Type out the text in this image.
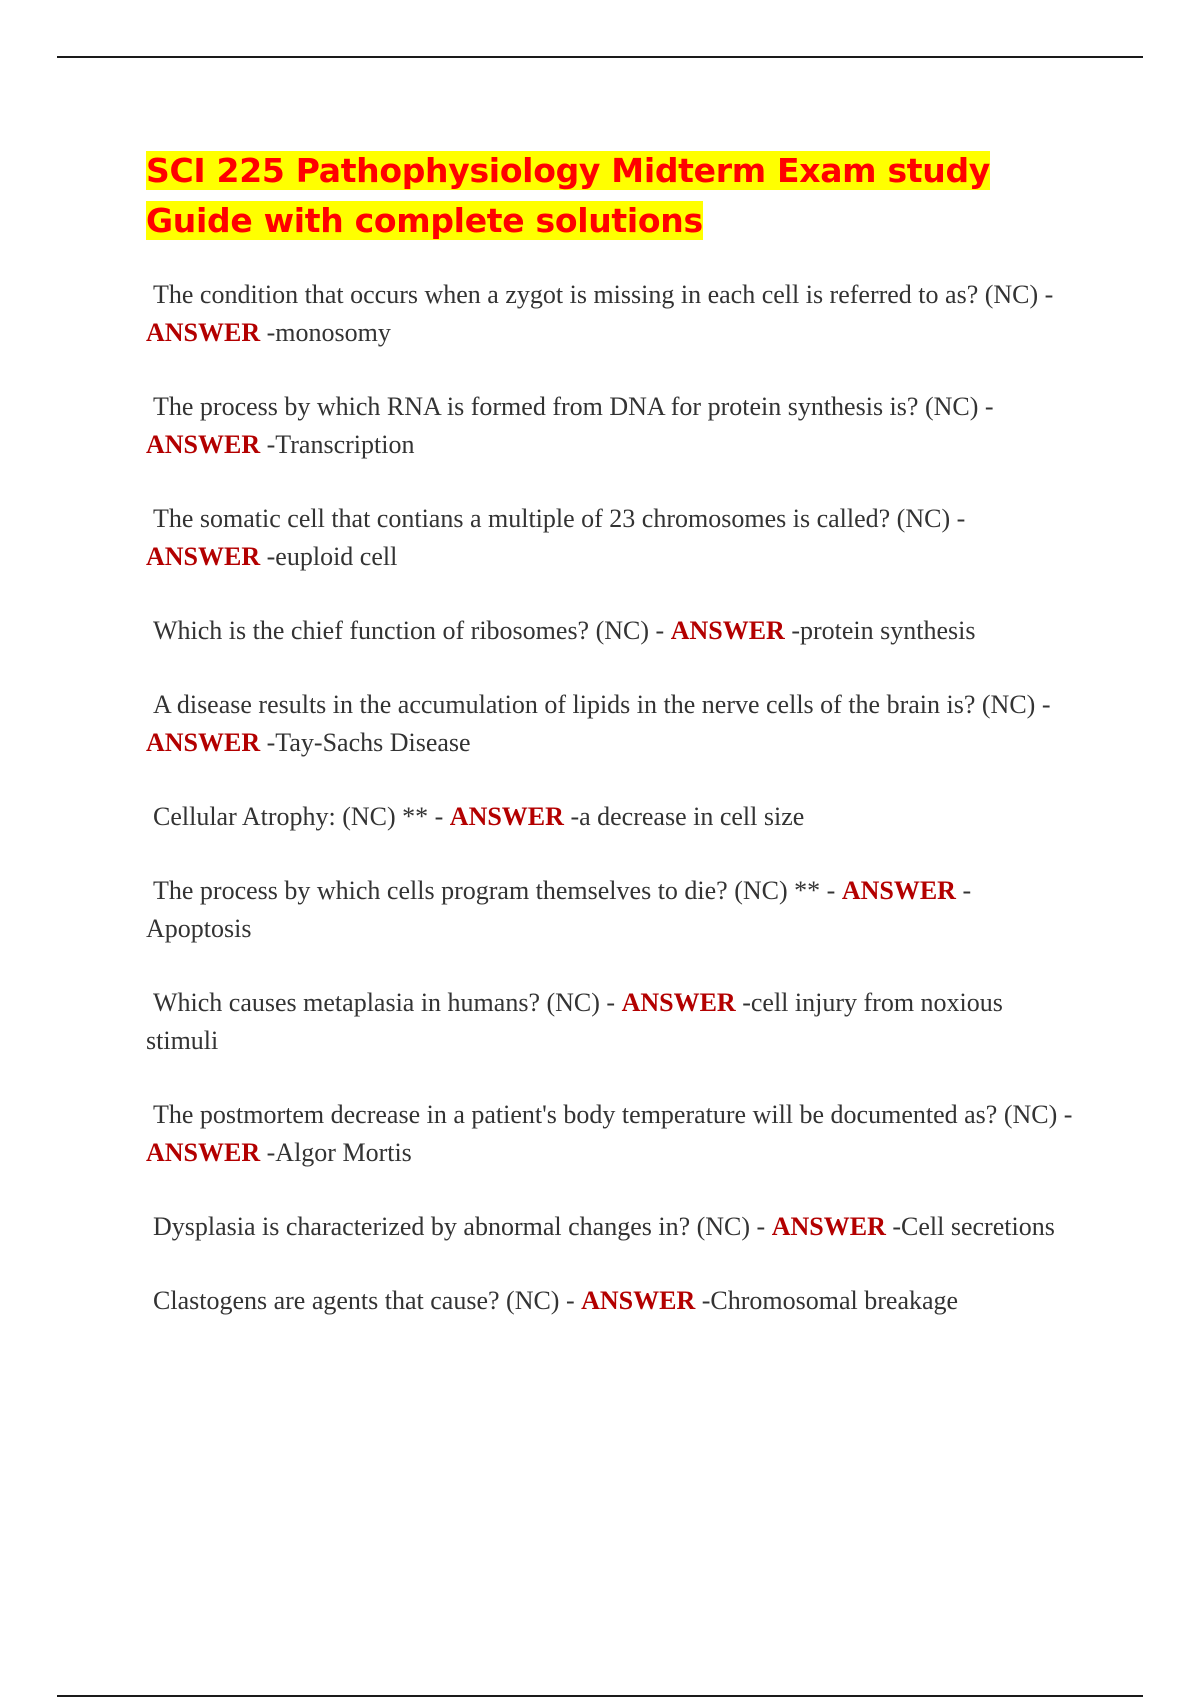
SCI 225 Pathophysiology Midterm Exam study Guide with complete solutions
The condition that occurs when a zygot is missing in each cell is referred to as? (NC) - ANSWER -monosomy
The process by which RNA is formed from DNA for protein synthesis is? (NC) - ANSWER -Transcription
The somatic cell that contians a multiple of 23 chromosomes is called? (NC) - ANSWER -euploid cell
Which is the chief function of ribosomes? (NC) - ANSWER -protein synthesis
A disease results in the accumulation of lipids in the nerve cells of the brain is? (NC) - ANSWER -Tay-Sachs Disease
Cellular Atrophy: (NC) ** - ANSWER -a decrease in cell size
The process by which cells program themselves to die? (NC) ** - ANSWER -Apoptosis
Which causes metaplasia in humans? (NC) - ANSWER -cell injury from noxious stimuli
The postmortem decrease in a patient's body temperature will be documented as? (NC) - ANSWER -Algor Mortis
Dysplasia is characterized by abnormal changes in? (NC) - ANSWER -Cell secretions
Clastogens are agents that cause? (NC) - ANSWER -Chromosomal breakage
